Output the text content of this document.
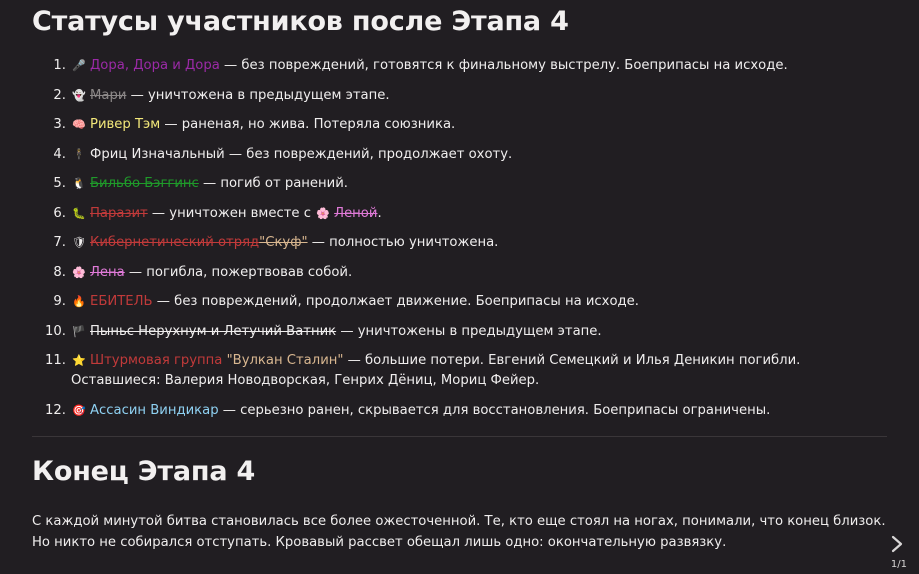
Статусы участников после Этапа 4
1. 🎤 Дора, Дора и Дора — без повреждений, готовятся к финальному выстрелу. Боеприпасы на исходе.
2. 👻 Мари — уничтожена в предыдущем этапе.
3. 🧠 Ривер Тэм — раненая, но жива. Потеряла союзника.
4. 🕴 Фриц Изначальный — без повреждений, продолжает охоту.
5. 🐧 Бильбо Бэггинс — погиб от ранений.
6. 🐛 Паразит — уничтожен вместе с 🌸 Леной.
7. 🛡 Кибернетический отряд"Скуф" — полностью уничтожена.
8. 🌸 Лена — погибла, пожертвовав собой.
9. 🔥 ЕБИТЕЛЬ — без повреждений, продолжает движение. Боеприпасы на исходе.
10. 🏴 Пыньс Нерухнум и Летучий Ватник — уничтожены в предыдущем этапе.
11. ⭐ Штурмовая группа "Вулкан Сталин" — большие потери. Евгений Семецкий и Илья Деникин погибли. Оставшиеся: Валерия Новодворская, Генрих Дёниц, Мориц Фейер.
12. 🎯 Ассасин Виндикар — серьезно ранен, скрывается для восстановления. Боеприпасы ограничены.
Конец Этапа 4

С каждой минутой битва становилась все более ожесточенной. Те, кто еще стоял на ногах, понимали, что конец близок. Но никто не собирался отступать. Кровавый рассвет обещал лишь одно: окончательную развязку.

1/1
